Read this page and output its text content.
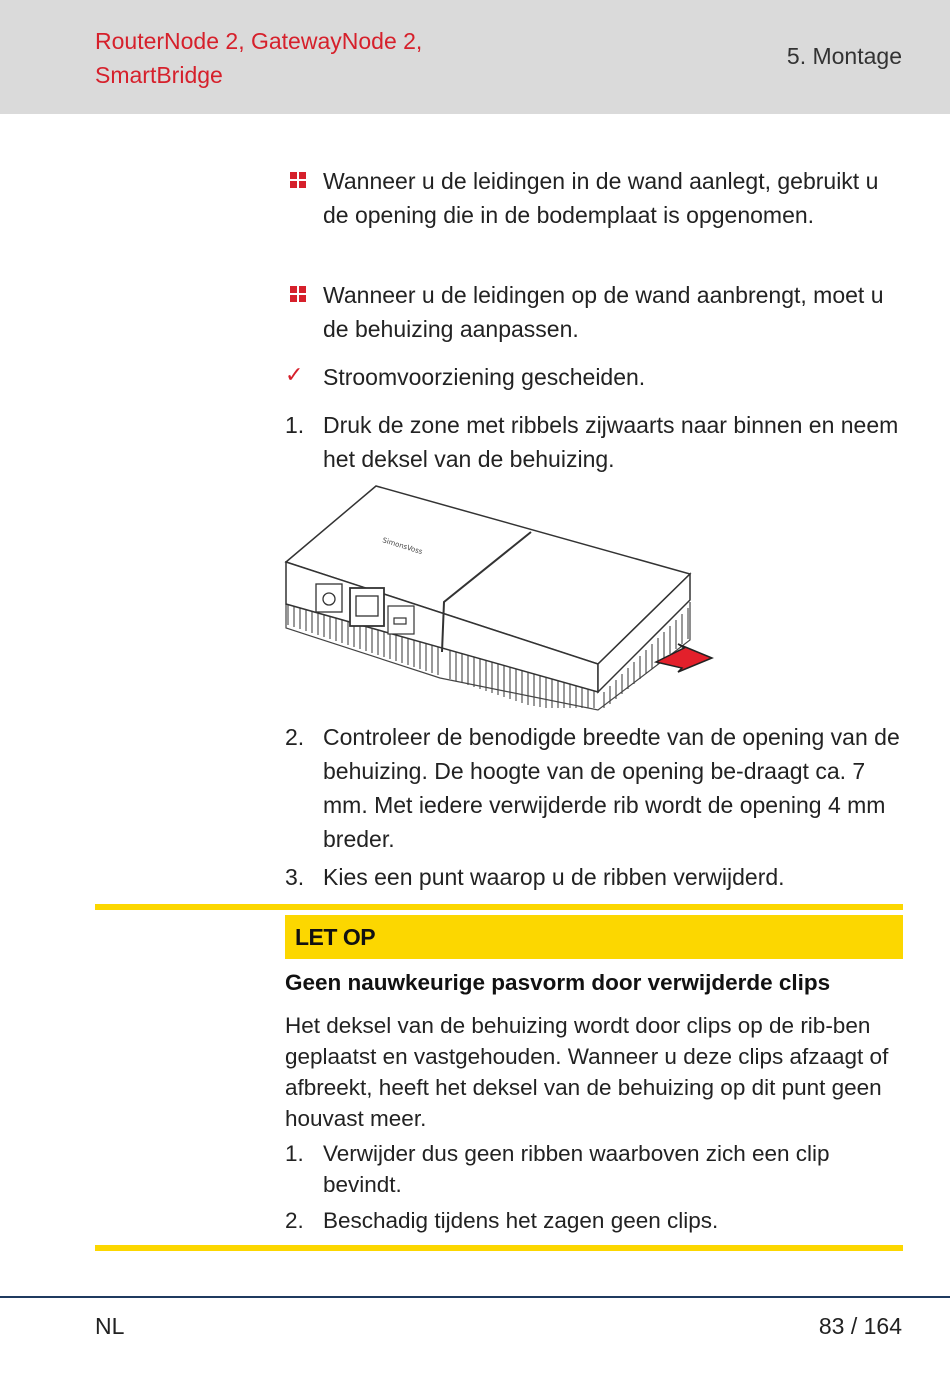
RouterNode 2, GatewayNode 2, SmartBridge
5. Montage
Wanneer u de leidingen in de wand aanlegt, gebruikt u de opening die in de bodemplaat is opgenomen.
Wanneer u de leidingen op de wand aanbrengt, moet u de behuizing aanpassen.
✓ Stroomvoorziening gescheiden.
1. Druk de zone met ribbels zijwaarts naar binnen en neem het deksel van de behuizing.
SimonsVoss
2. Controleer de benodigde breedte van de opening van de behuizing. De hoogte van de opening be-draagt ca. 7 mm. Met iedere verwijderde rib wordt de opening 4 mm breder.
3. Kies een punt waarop u de ribben verwijderd.
LET OP
Geen nauwkeurige pasvorm door verwijderde clips
Het deksel van de behuizing wordt door clips op de rib-ben geplaatst en vastgehouden. Wanneer u deze clips afzaagt of afbreekt, heeft het deksel van de behuizing op dit punt geen houvast meer.
1. Verwijder dus geen ribben waarboven zich een clip bevindt.
2. Beschadig tijdens het zagen geen clips.
NL	83 / 164
